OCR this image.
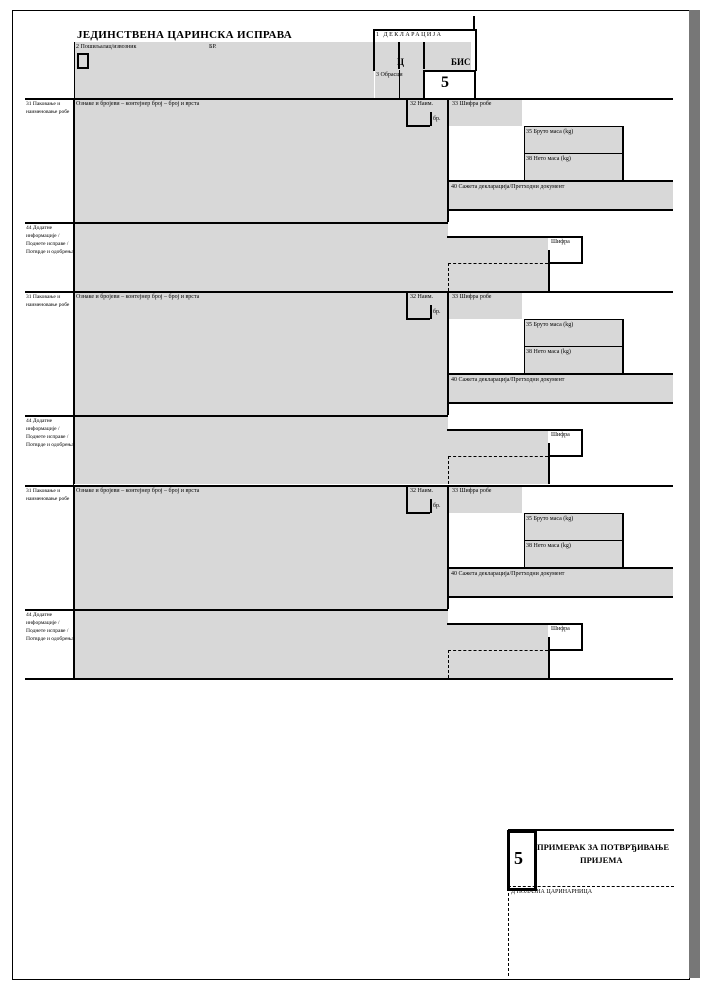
ЈЕДИНСТВЕНА ЦАРИНСКА ИСПРАВА
2 Пошиљалац/извозник	БР.
1 ДЕКЛАРАЦИЈА
Ц	БИС
3 Обрасци 5
31 Паковање и наименовање робе
Ознаке и бројеви – контејнер број – број и врста	32 Наим.
бр.
33 Шифра робе
35 Бруто маса (kg)
38 Нето маса (kg)
40 Сажета декларација/Претходни документ
44 Додатне информације / Поднете исправе / Потврде и одобрења
Шифра
31 Паковање и наименовање робе
Ознаке и бројеви – контејнер број – број и врста	32 Наим.
бр.
33 Шифра робе
35 Бруто маса (kg)
38 Нето маса (kg)
40 Сажета декларација/Претходни документ
44 Додатне информације / Поднете исправе / Потврде и одобрења
Шифра
31 Паковање и наименовање робе
Ознаке и бројеви – контејнер број – број и врста	32 Наим.
бр.
33 Шифра робе
35 Бруто маса (kg)
38 Нето маса (kg)
40 Сажета декларација/Претходни документ
44 Додатне информације / Поднете исправе / Потврде и одобрења
Шифра
5
ПРИМЕРАК ЗА ПОТВРЂИВАЊЕ
ПРИЈЕМА
Д ПОЛАЗНА ЦАРИНАРНИЦА
